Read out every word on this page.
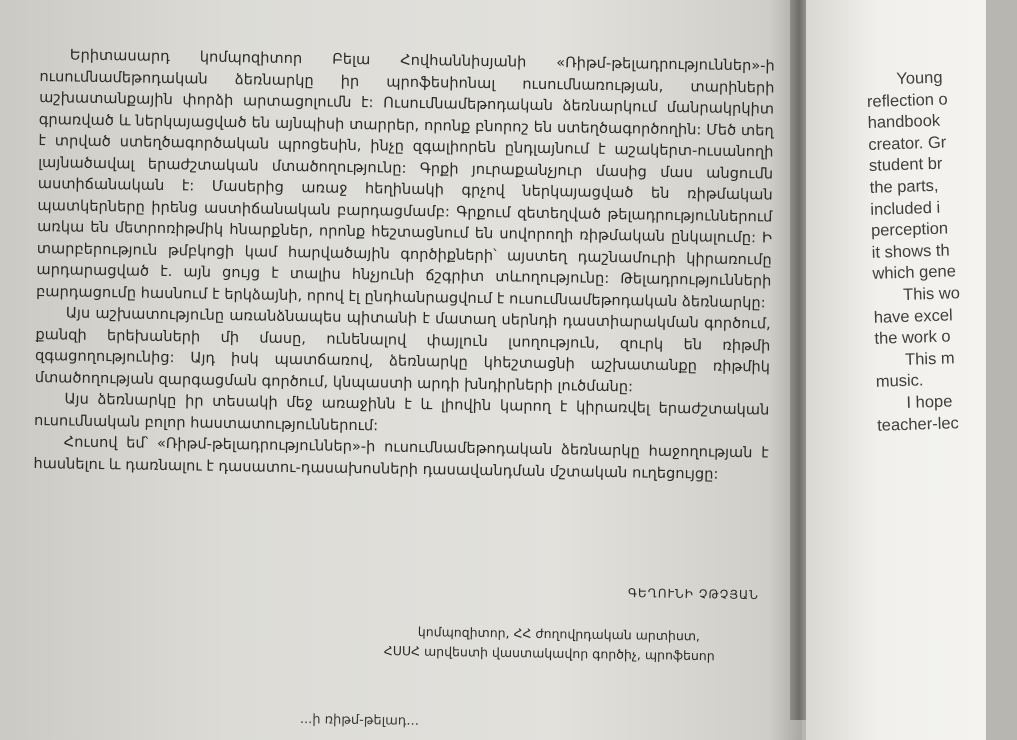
Երիտասարդ կոմպոզիտոր Բելա Հովհաննիսյանի «Ռիթմ-թելադրություններ»-ի ուսումնամեթոդական ձեռնարկը իր պրոֆեսիոնալ ուսումնառության, տարիների աշխատանքային փորձի արտացոլումն է: Ուսումնամեթոդական ձեռնարկում մանրակրկիտ գրառված և ներկայացված են այնպիսի տարրեր, որոնք բնորոշ են ստեղծագործողին: Մեծ տեղ է տրված ստեղծագործական պրոցեսին, ինչը զգալիորեն ընդլայնում է աշակերտ-ուսանողի լայնածավալ երաժշտական մտածողությունը: Գրքի յուրաքանչյուր մասից մաս անցումն աստիճանական է: Մասերից առաջ հեղինակի գրչով ներկայացված են ռիթմական պատկերները իրենց աստիճանական բարդացմամբ: Գրքում զետեղված թելադրություններում առկա են մետրոռիթմիկ հնարքներ, որոնք հեշտացնում են սովորողի ռիթմական ընկալումը: Ի տարբերություն թմբկոցի կամ հարվածային գործիքների՝ այստեղ դաշնամուրի կիրառումը արդարացված է. այն ցույց է տալիս հնչյունի ճշգրիտ տևողությունը: Թելադրությունների բարդացումը հասնում է երկձայնի, որով էլ ընդհանրացվում է ուսումնամեթոդական ձեռնարկը:

Այս աշխատությունը առանձնապես պիտանի է մատաղ սերնդի դաստիարակման գործում, քանզի երեխաների մի մասը, ունենալով փայլուն լսողություն, զուրկ են ռիթմի զգացողությունից: Այդ իսկ պատճառով, ձեռնարկը կհեշտացնի աշխատանքը ռիթմիկ մտածողության զարգացման գործում, կնպաստի արդի խնդիրների լուծմանը:

Այս ձեռնարկը իր տեսակի մեջ առաջինն է և լիովին կարող է կիրառվել երաժշտական ուսումնական բոլոր հաստատություններում:

Հուսով եմ՝ «Ռիթմ-թելադրություններ»-ի ուսումնամեթոդական ձեռնարկը հաջողության է հասնելու և դառնալու է դասատու-դասախոսների դասավանդման մշտական ուղեցույցը:

ԳԵՂՈՒՆԻ ՉԹՉՅԱՆ
կոմպոզիտոր, ՀՀ ժողովրդական արտիստ,
ՀՍՍՀ արվեստի վաստակավոր գործիչ, պրոֆեսոր
...ի ռիթմ-թելադ...
Young
reflection o
handbook
creator. Gr
student br
the parts,
included i
perception
it shows th
which gene
This wo
have excel
the work o
This m
music.
I hope
teacher-lec
